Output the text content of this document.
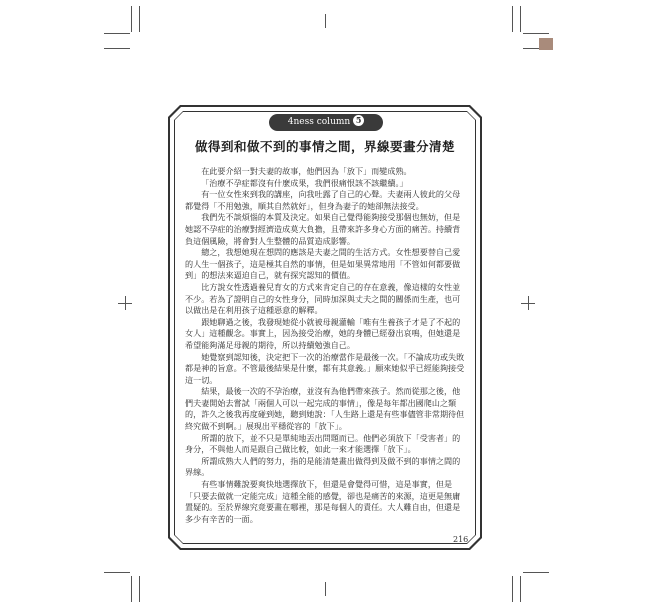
4ness column 5
做得到和做不到的事情之間，界線要畫分清楚

在此要介紹一對夫妻的故事，他們因為「放下」而變成熟。

「治療不孕症都沒有什麼成果，我們很痛恨該不該繼續。」

有一位女性來到我的講座，向我吐露了自己的心聲。夫妻兩人彼此的父母都覺得「不用勉強，順其自然就好」，但身為妻子的她卻無法接受。

我們先不談煩惱的本質及決定。如果自己覺得能夠接受那個也無妨，但是她認不孕症的治療對經濟造成莫大負擔，且帶來許多身心方面的痛苦。持續背負這個風險，將會對人生整體的品質造成影響。

總之，我想她現在想問的應該是夫妻之間的生活方式。女性想要替自己愛的人生一個孩子，這是極其自然的事情，但是如果異常地用「不管如何都要做到」的想法來逼迫自己，就有探究認知的價值。

比方說女性透過養兒育女的方式來肯定自己的存在意義，像這樣的女性並不少。若為了證明自己的女性身分，同時加深與丈夫之間的關係而生產，也可以做出是在利用孩子這種惡意的解釋。

跟她聊過之後，我發現她從小就被母親灌輸「唯有生養孩子才是了不起的女人」這種觀念。事實上，因為接受治療，她的身體已經發出哀鳴，但她還是希望能夠滿足母親的期待，所以持續勉強自己。

她覺察到認知後，決定把下一次的治療當作是最後一次。「不論成功或失敗都是神的旨意。不管最後結果是什麼，都有其意義。」願來她似乎已經能夠接受這一切。

結果，最後一次的不孕治療，並沒有為他們帶來孩子。然而從那之後，他們夫妻開始去嘗試「兩個人可以一起完成的事情」，像是每年都出國爬山之類的，許久之後我再度碰到她，聽到她說：「人生路上還是有些事儘管非常期待但終究做不到啊。」展現出平穩從容的「放下」。

所謂的放下，並不只是單純地丟出問題而已。他們必須放下「受害者」的身分，不與他人而是跟自己做比較，如此一來才能選擇「放下」。

所謂成熟大人們的努力，指的是能清楚畫出做得到及做不到的事情之間的界線。

有些事情難說要爽快地選擇放下，但還是會覺得可惜，這是事實，但是「只要去做就一定能完成」這種全能的感覺，卻也是痛苦的來源，這更是無庸置疑的。至於界線究竟要畫在哪裡，那是每個人的責任。大人難自由，但還是多少有辛苦的一面。

216
